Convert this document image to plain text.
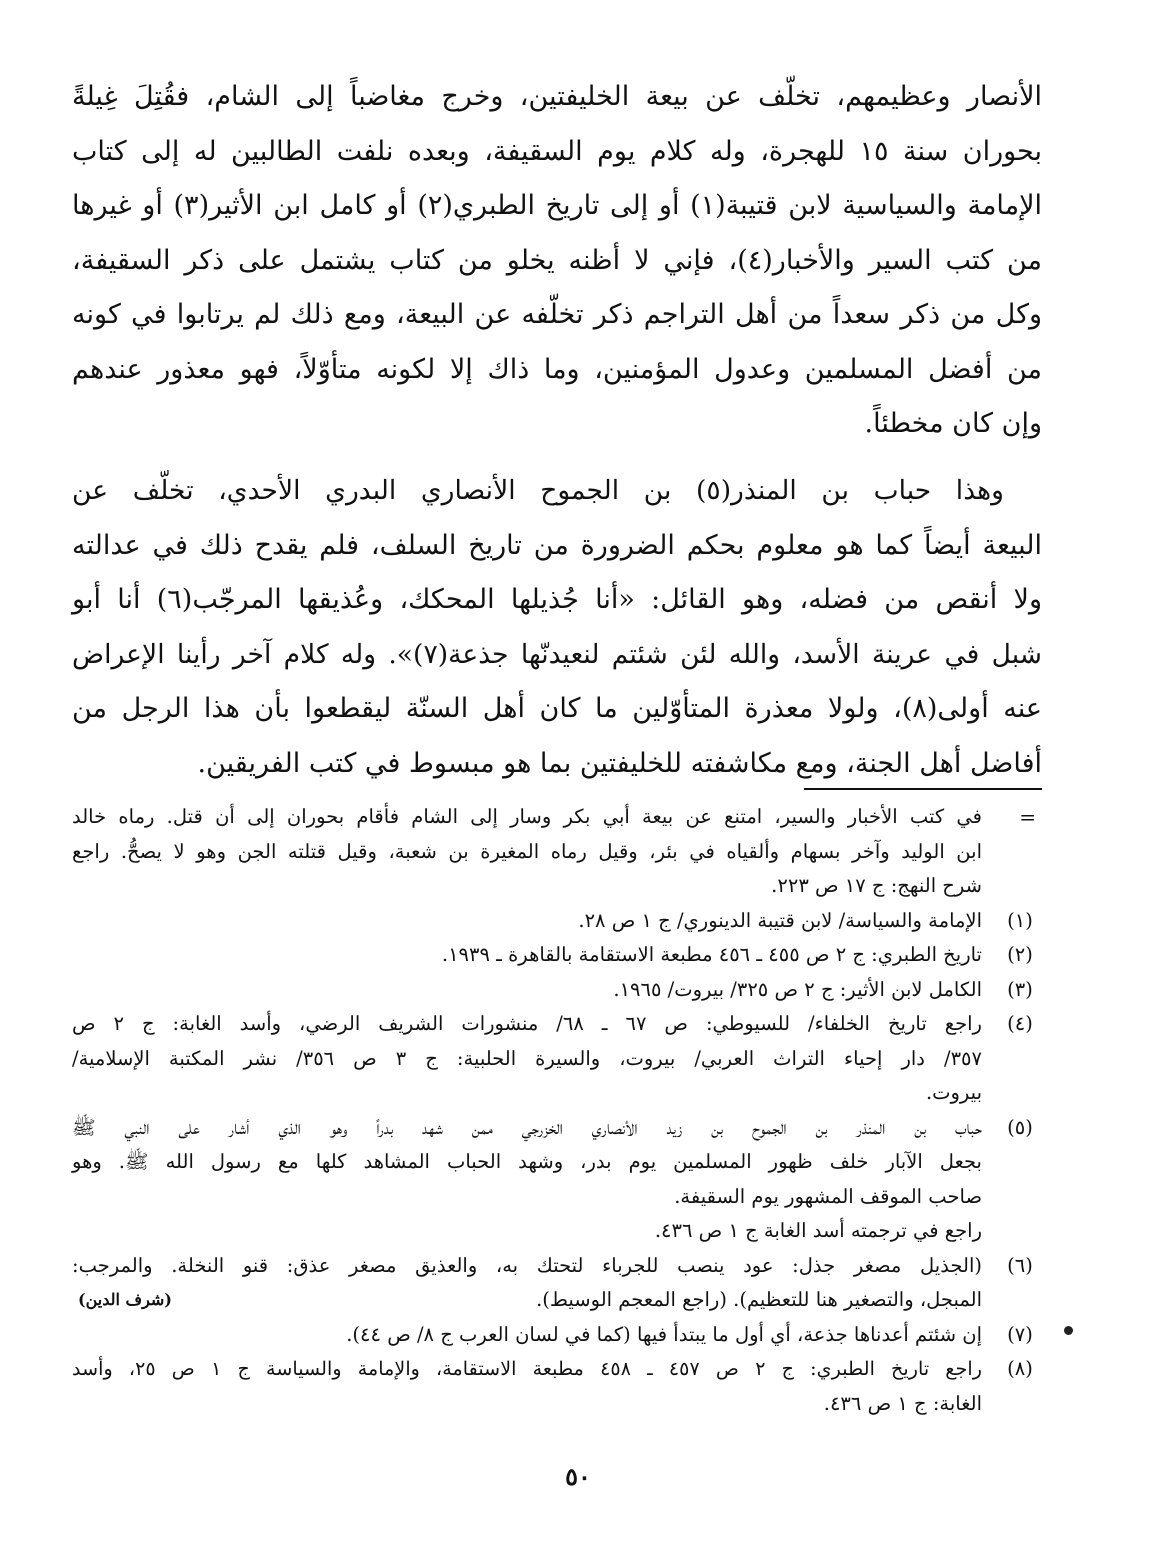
الأنصار وعظيمهم، تخلّف عن بيعة الخليفتين، وخرج مغاضباً إلى الشام، فقُتِلَ غِيلةً
بحوران سنة ١٥ للهجرة، وله كلام يوم السقيفة، وبعده نلفت الطالبين له إلى كتاب
الإمامة والسياسية لابن قتيبة(١) أو إلى تاريخ الطبري(٢) أو كامل ابن الأثير(٣) أو غيرها
من كتب السير والأخبار(٤)، فإني لا أظنه يخلو من كتاب يشتمل على ذكر السقيفة،
وكل من ذكر سعداً من أهل التراجم ذكر تخلّفه عن البيعة، ومع ذلك لم يرتابوا في كونه
من أفضل المسلمين وعدول المؤمنين، وما ذاك إلا لكونه متأوّلاً، فهو معذور عندهم
وإن كان مخطئاً.
وهذا حباب بن المنذر(٥) بن الجموح الأنصاري البدري الأحدي، تخلّف عن
البيعة أيضاً كما هو معلوم بحكم الضرورة من تاريخ السلف، فلم يقدح ذلك في عدالته
ولا أنقص من فضله، وهو القائل: «أنا جُذيلها المحكك، وعُذيقها المرجّب(٦) أنا أبو
شبل في عرينة الأسد، والله لئن شئتم لنعيدنّها جذعة(٧)». وله كلام آخر رأينا الإعراض
عنه أولى(٨)، ولولا معذرة المتأوّلين ما كان أهل السنّة ليقطعوا بأن هذا الرجل من
أفاضل أهل الجنة، ومع مكاشفته للخليفتين بما هو مبسوط في كتب الفريقين.
=
في كتب الأخبار والسير، امتنع عن بيعة أبي بكر وسار إلى الشام فأقام بحوران إلى أن قتل. رماه خالد
ابن الوليد وآخر بسهام وألقياه في بئر، وقيل رماه المغيرة بن شعبة، وقيل قتلته الجن وهو لا يصحُّ. راجع
شرح النهج: ج ١٧ ص ٢٢٣.
(١)
الإمامة والسياسة/ لابن قتيبة الدينوري/ ج ١ ص ٢٨.
(٢)
تاريخ الطبري: ج ٢ ص ٤٥٥ ـ ٤٥٦ مطبعة الاستقامة بالقاهرة ـ ١٩٣٩.
(٣)
الكامل لابن الأثير: ج ٢ ص ٣٢٥/ بيروت/ ١٩٦٥.
(٤)
راجع تاريخ الخلفاء/ للسيوطي: ص ٦٧ ـ ٦٨/ منشورات الشريف الرضي، وأسد الغابة: ج ٢ ص
٣٥٧/ دار إحياء التراث العربي/ بيروت، والسيرة الحلبية: ج ٣ ص ٣٥٦/ نشر المكتبة الإسلامية/
بيروت.
(٥)
حباب بن المنذر بن الجموح بن زيد الأنصاري الخزرجي ممن شهد بدراً وهو الذي أشار على النبي ﷺ
بجعل الآبار خلف ظهور المسلمين يوم بدر، وشهد الحباب المشاهد كلها مع رسول الله ﷺ. وهو
صاحب الموقف المشهور يوم السقيفة.
راجع في ترجمته أسد الغابة ج ١ ص ٤٣٦.
(٦)
(الجذيل مصغر جذل: عود ينصب للجرباء لتحتك به، والعذيق مصغر عذق: قنو النخلة. والمرجب:
المبجل، والتصغير هنا للتعظيم). (راجع المعجم الوسيط).
(شرف الدين)
(٧)
إن شئتم أعدناها جذعة، أي أول ما يبتدأ فيها (كما في لسان العرب ج ٨/ ص ٤٤).
(٨)
راجع تاريخ الطبري: ج ٢ ص ٤٥٧ ـ ٤٥٨ مطبعة الاستقامة، والإمامة والسياسة ج ١ ص ٢٥، وأسد
الغابة: ج ١ ص ٤٣٦.
٥٠
